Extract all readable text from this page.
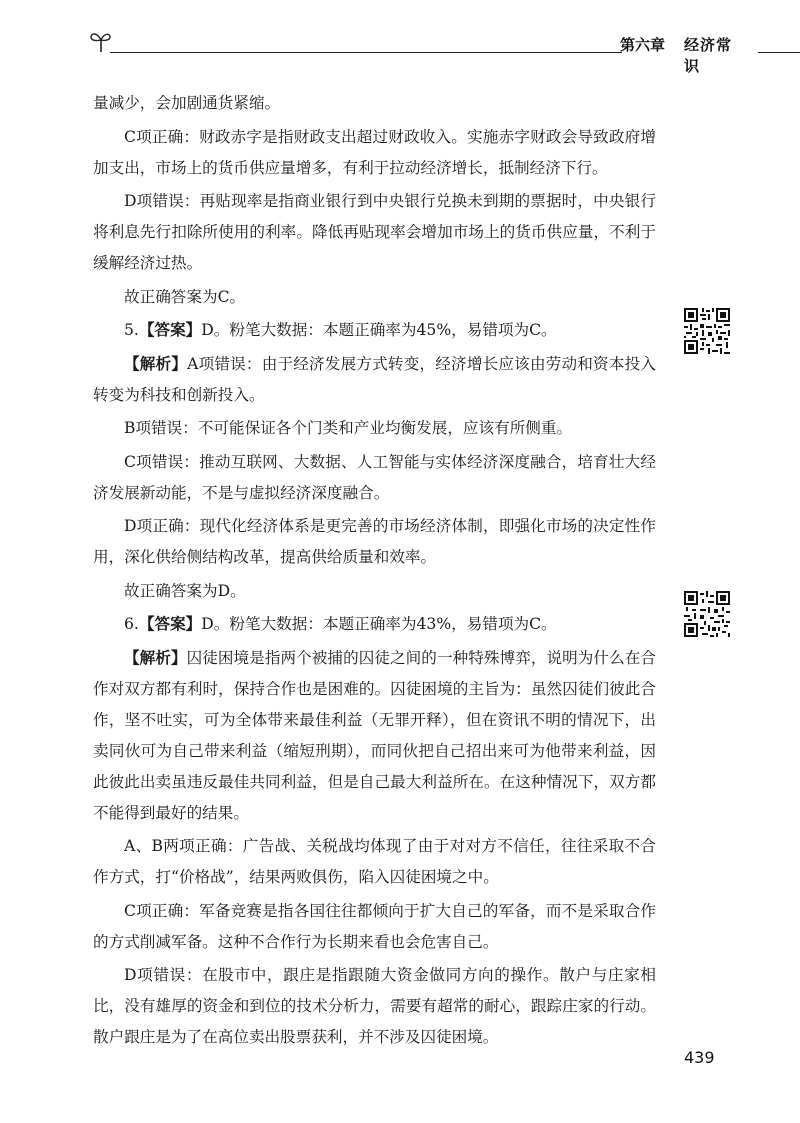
第六章 经济常识

量减少，会加剧通货紧缩。

C项正确：财政赤字是指财政支出超过财政收入。实施赤字财政会导致政府增加支出，市场上的货币供应量增多，有利于拉动经济增长，抵制经济下行。

D项错误：再贴现率是指商业银行到中央银行兑换未到期的票据时，中央银行将利息先行扣除所使用的利率。降低再贴现率会增加市场上的货币供应量，不利于缓解经济过热。

故正确答案为C。

5.【答案】D。粉笔大数据：本题正确率为45%，易错项为C。

【解析】A项错误：由于经济发展方式转变，经济增长应该由劳动和资本投入转变为科技和创新投入。

B项错误：不可能保证各个门类和产业均衡发展，应该有所侧重。

C项错误：推动互联网、大数据、人工智能与实体经济深度融合，培育壮大经济发展新动能，不是与虚拟经济深度融合。

D项正确：现代化经济体系是更完善的市场经济体制，即强化市场的决定性作用，深化供给侧结构改革，提高供给质量和效率。

故正确答案为D。

6.【答案】D。粉笔大数据：本题正确率为43%，易错项为C。

【解析】囚徒困境是指两个被捕的囚徒之间的一种特殊博弈，说明为什么在合作对双方都有利时，保持合作也是困难的。囚徒困境的主旨为：虽然囚徒们彼此合作，坚不吐实，可为全体带来最佳利益（无罪开释），但在资讯不明的情况下，出卖同伙可为自己带来利益（缩短刑期），而同伙把自己招出来可为他带来利益，因此彼此出卖虽违反最佳共同利益，但是自己最大利益所在。在这种情况下，双方都不能得到最好的结果。

A、B两项正确：广告战、关税战均体现了由于对对方不信任，往往采取不合作方式，打“价格战”，结果两败俱伤，陷入囚徒困境之中。

C项正确：军备竞赛是指各国往往都倾向于扩大自己的军备，而不是采取合作的方式削减军备。这种不合作行为长期来看也会危害自己。

D项错误：在股市中，跟庄是指跟随大资金做同方向的操作。散户与庄家相比，没有雄厚的资金和到位的技术分析力，需要有超常的耐心，跟踪庄家的行动。散户跟庄是为了在高位卖出股票获利，并不涉及囚徒困境。

439
